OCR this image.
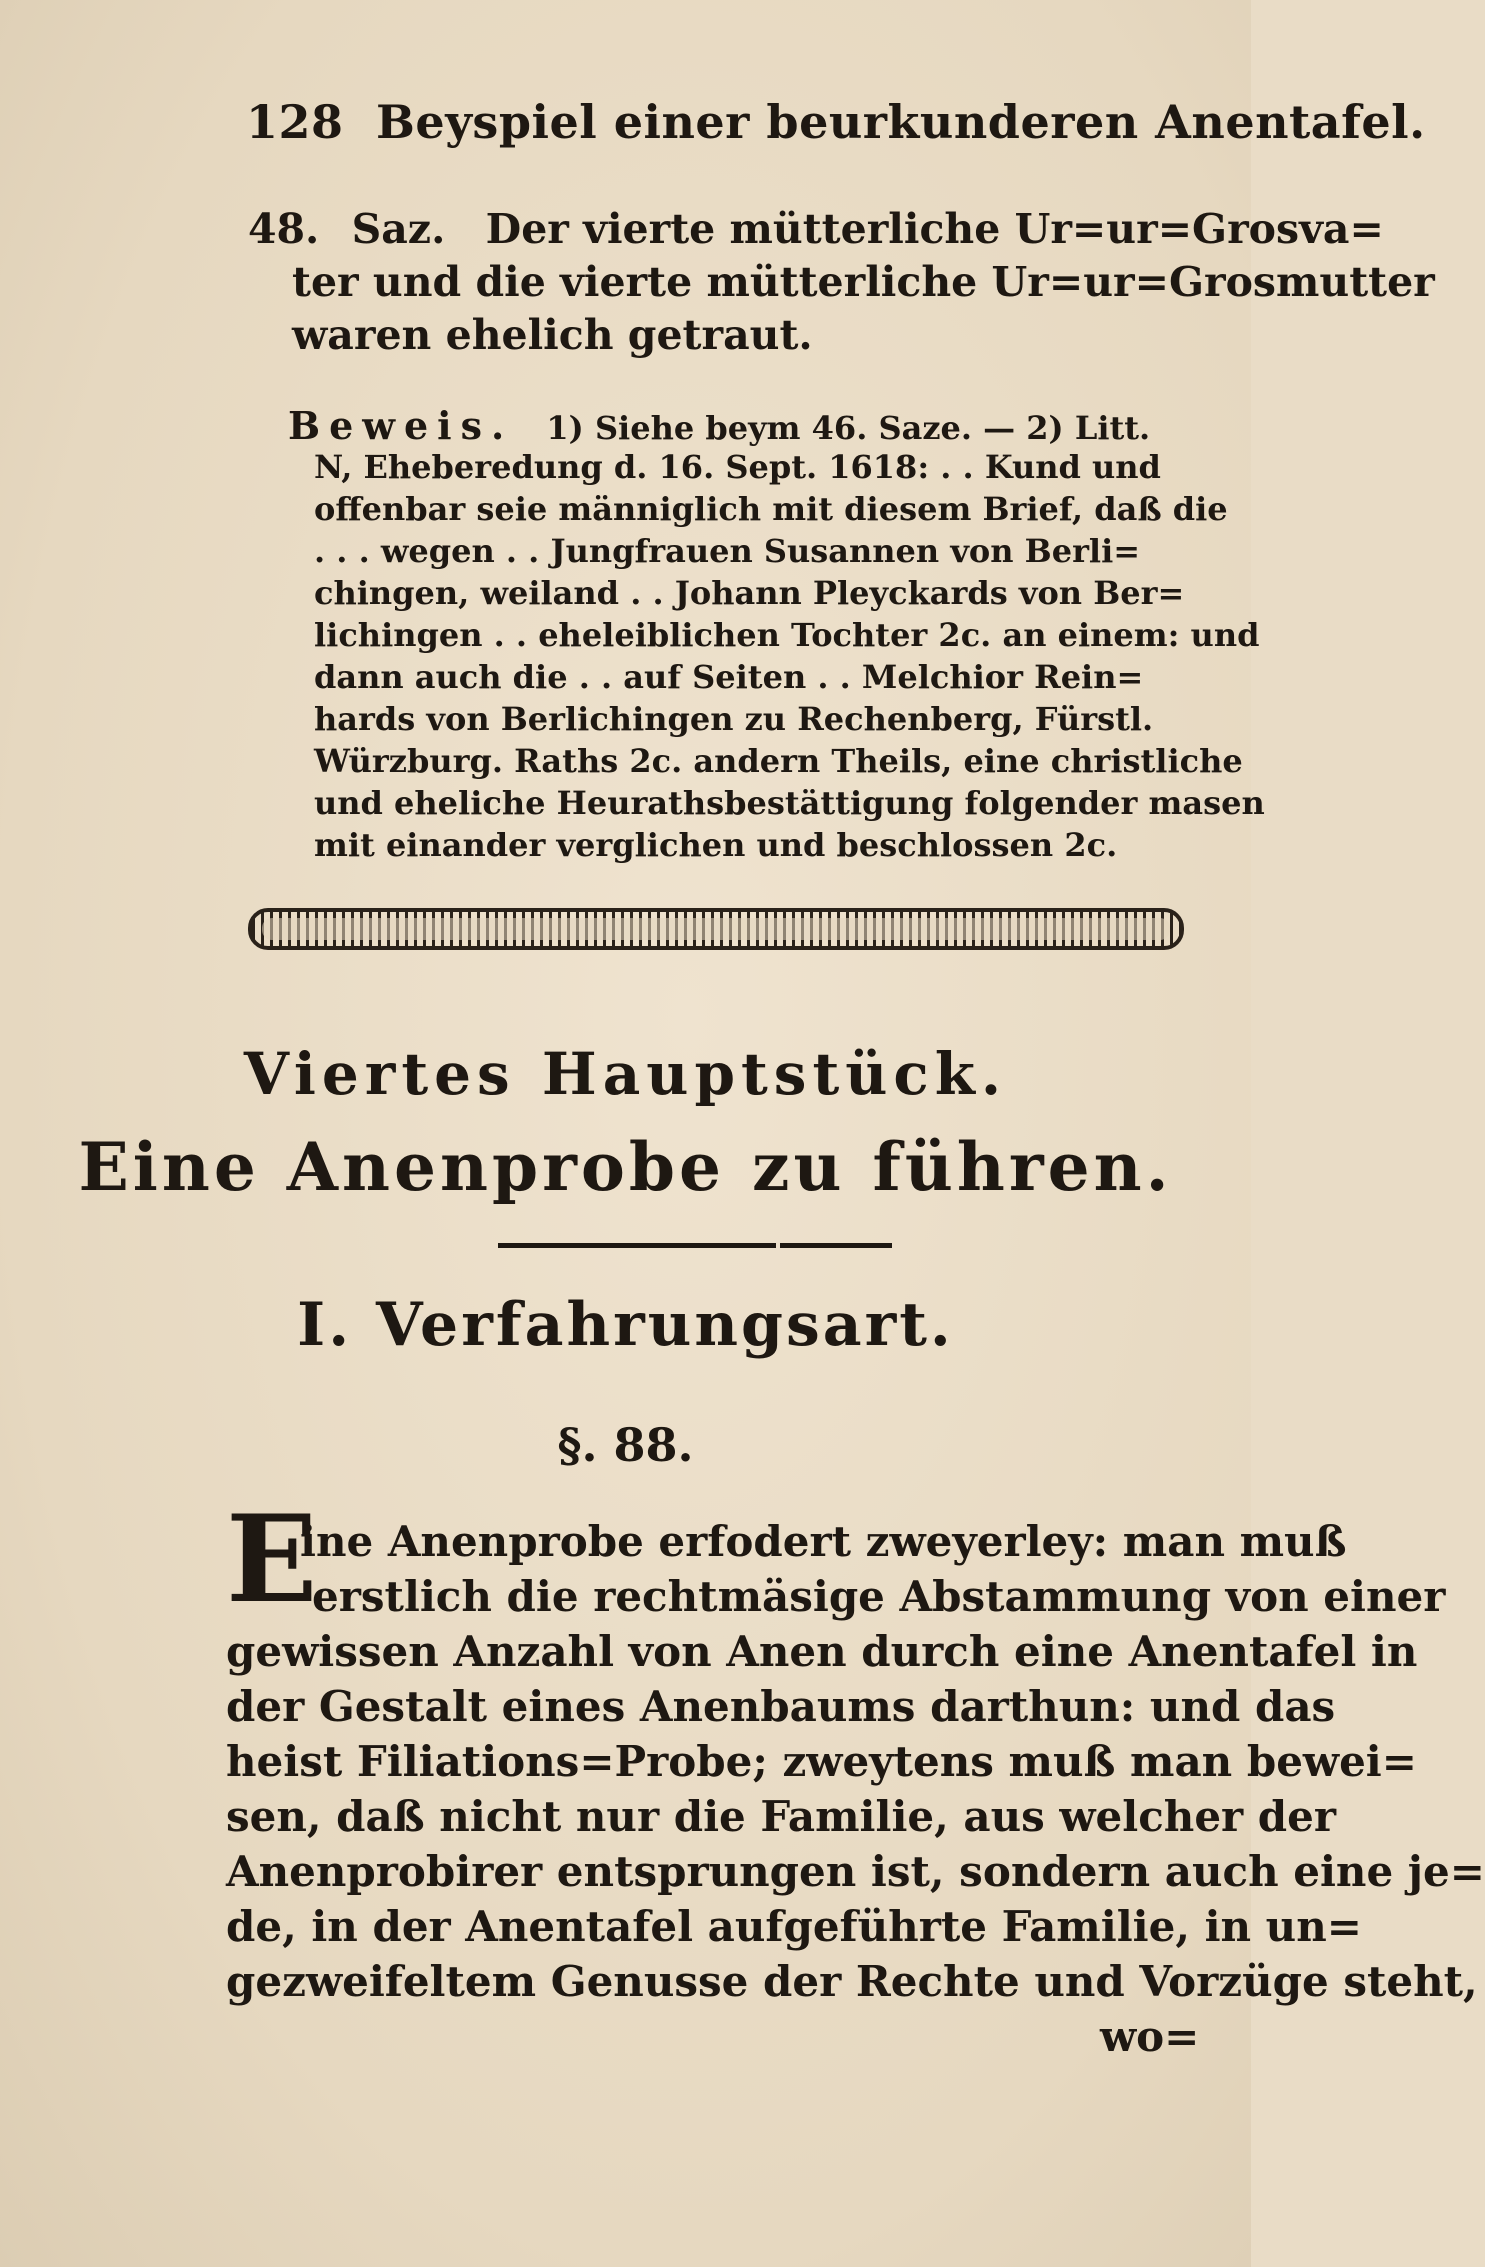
128 Beyspiel einer beurkunderen Anentafel.
48. Saz. Der vierte mütterliche Ur=ur=Grosva=
ter und die vierte mütterliche Ur=ur=Grosmutter
waren ehelich getraut.
Beweis. 1) Siehe beym 46. Saze. — 2) Litt.
N, Eheberedung d. 16. Sept. 1618: . . Kund und
offenbar seie männiglich mit diesem Brief, daß die
. . . wegen . . Jungfrauen Susannen von Berli=
chingen, weiland . . Johann Pleyckards von Ber=
lichingen . . eheleiblichen Tochter 2c. an einem: und
dann auch die . . auf Seiten . . Melchior Rein=
hards von Berlichingen zu Rechenberg, Fürstl.
Würzburg. Raths 2c. andern Theils, eine christliche
und eheliche Heurathsbestättigung folgender masen
mit einander verglichen und beschlossen 2c.
Viertes Hauptstück.
Eine Anenprobe zu führen.
I. Verfahrungsart.
§. 88.
E
ine Anenprobe erfodert zweyerley: man muß
erstlich die rechtmäsige Abstammung von einer
gewissen Anzahl von Anen durch eine Anentafel in
der Gestalt eines Anenbaums darthun: und das
heist Filiations=Probe; zweytens muß man bewei=
sen, daß nicht nur die Familie, aus welcher der
Anenprobirer entsprungen ist, sondern auch eine je=
de, in der Anentafel aufgeführte Familie, in un=
gezweifeltem Genusse der Rechte und Vorzüge steht,
wo=
